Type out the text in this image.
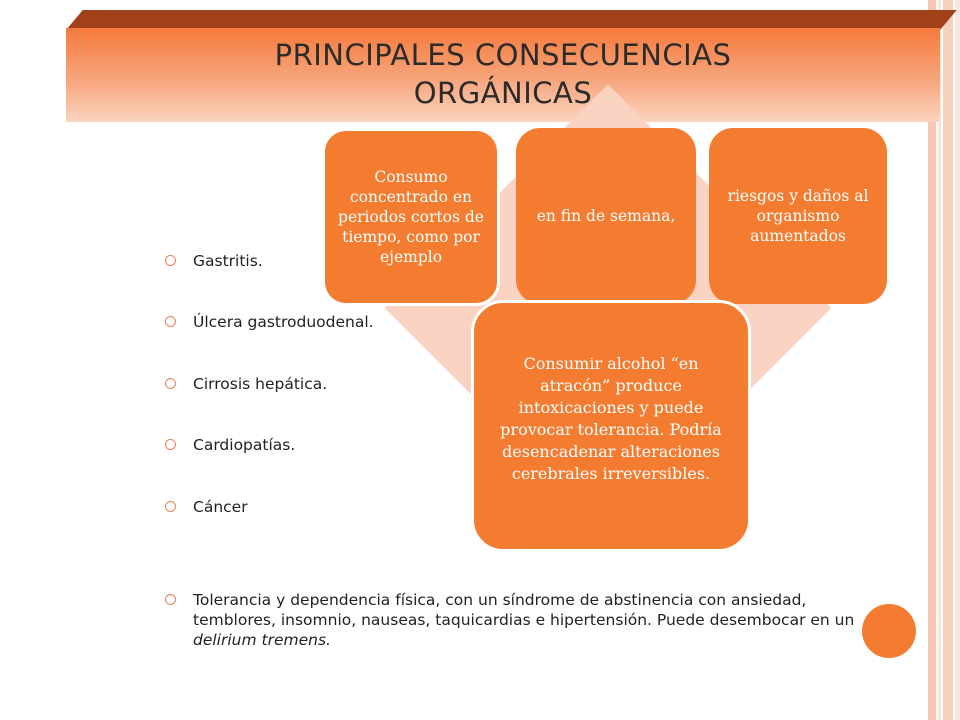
PRINCIPALES CONSECUENCIAS
ORGÁNICAS
Consumo concentrado en periodos cortos de tiempo, como por ejemplo
en fin de semana,
riesgos y daños al organismo aumentados
Consumir alcohol “en atracón” produce intoxicaciones y puede provocar tolerancia. Podría desencadenar alteraciones cerebrales irreversibles.
Gastritis.
Úlcera gastroduodenal.
Cirrosis hepática.
Cardiopatías.
Cáncer
Tolerancia y dependencia física, con un síndrome de abstinencia con ansiedad, temblores, insomnio, nauseas, taquicardias e hipertensión. Puede desembocar en un delirium tremens.
